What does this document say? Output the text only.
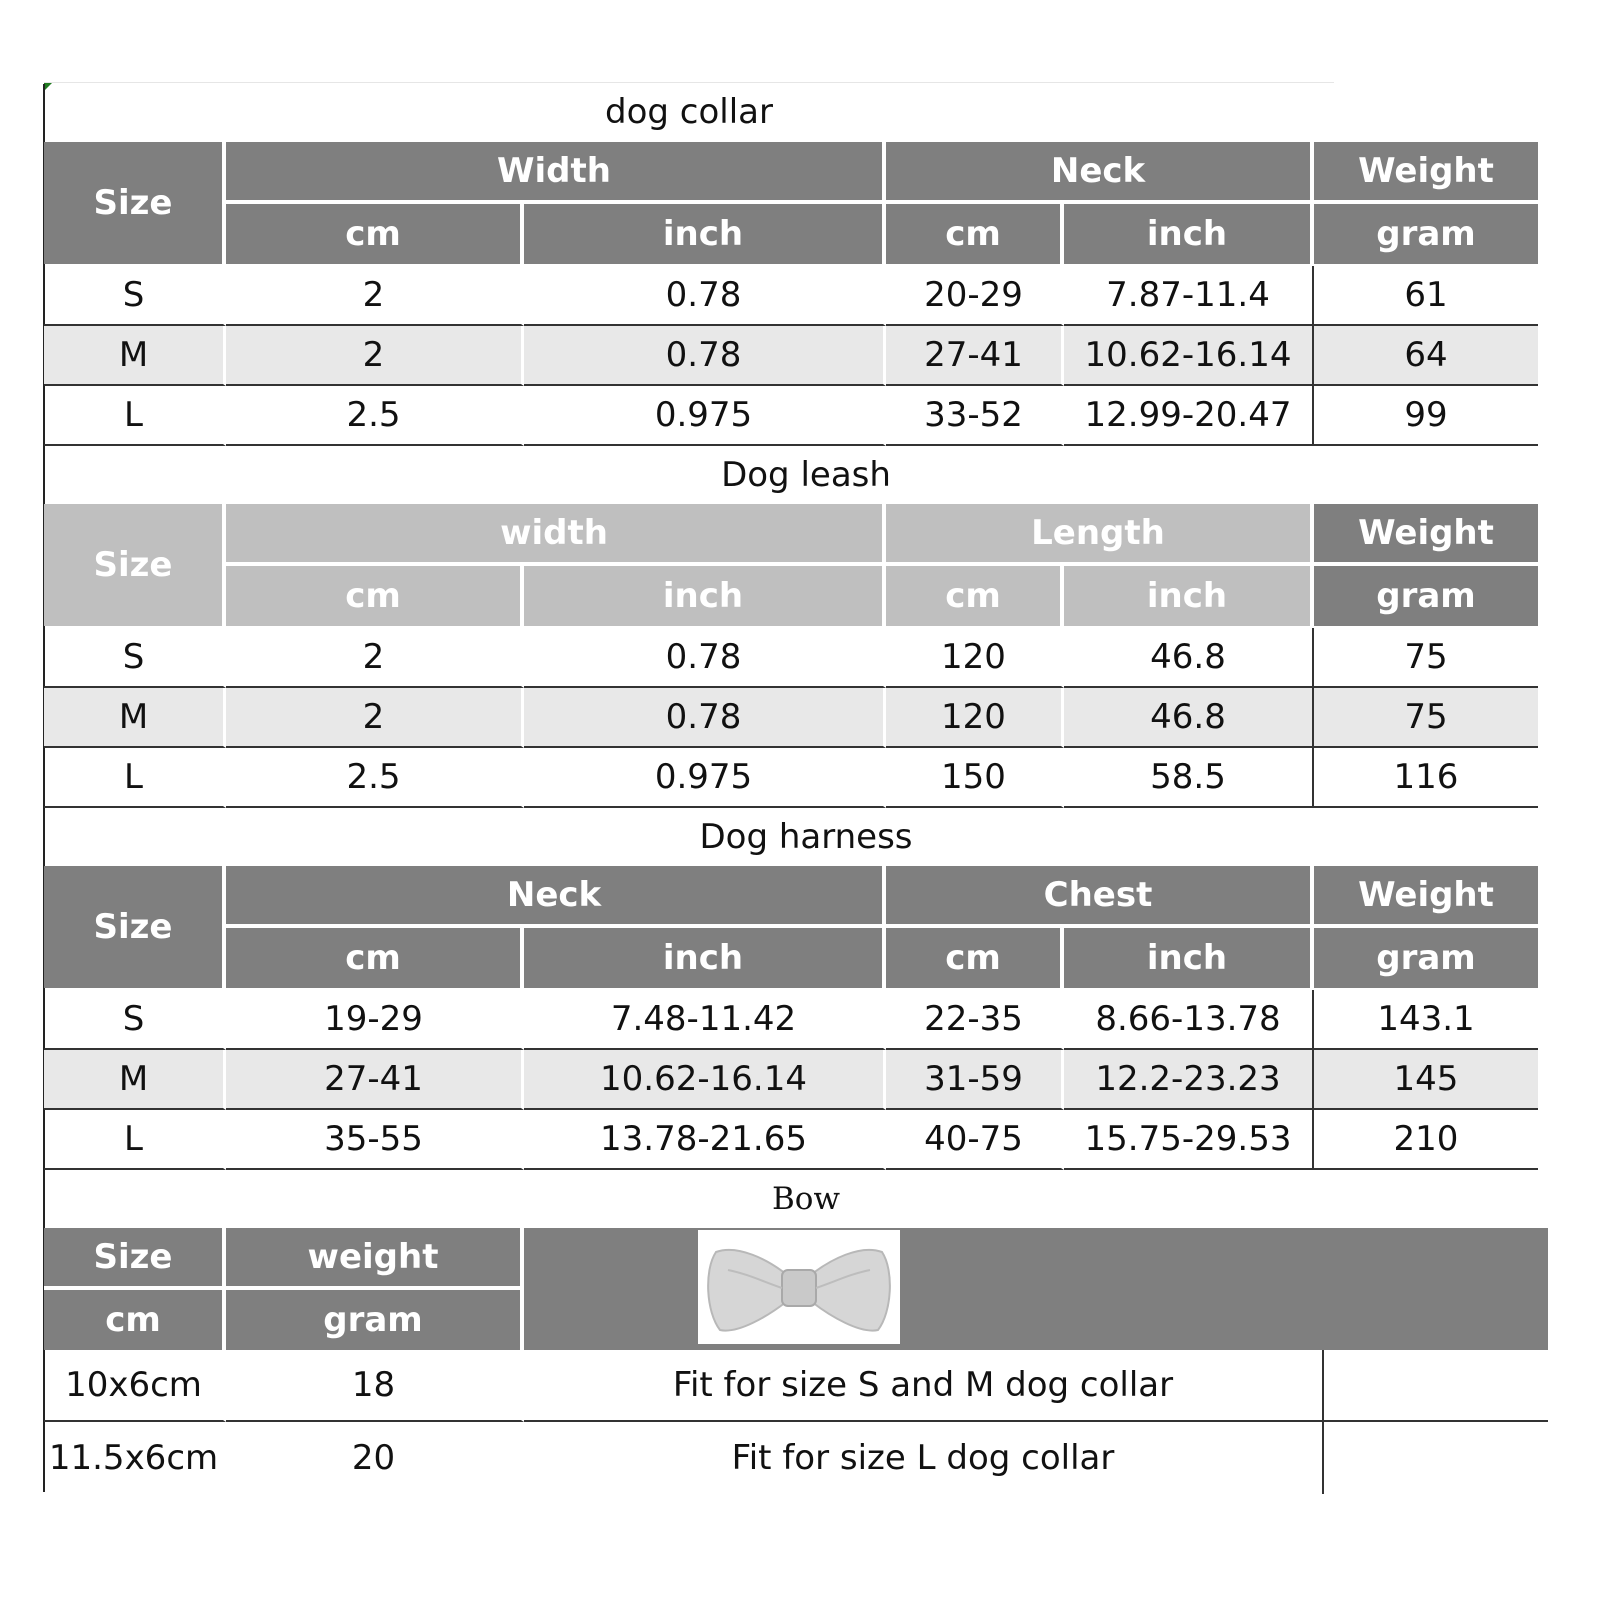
dog collar
Size
Width	Neck	Weight
cm	inch	cm	inch	gram
S	2	0.78	20-29	7.87-11.4	61
M	2	0.78	27-41	10.62-16.14	64
L	2.5	0.975	33-52	12.99-20.47	99
Dog leash
Size
width	Length	Weight
cm	inch	cm	inch	gram
S	2	0.78	120	46.8	75
M	2	0.78	120	46.8	75
L	2.5	0.975	150	58.5	116
Dog harness
Size
Neck	Chest	Weight
cm	inch	cm	inch	gram
S	19-29	7.48-11.42	22-35	8.66-13.78	143.1
M	27-41	10.62-16.14	31-59	12.2-23.23	145
L	35-55	13.78-21.65	40-75	15.75-29.53	210
Bow
Size	weight
cm	gram
10x6cm	18	Fit for size S and M dog collar
11.5x6cm	20	Fit for size L dog collar
